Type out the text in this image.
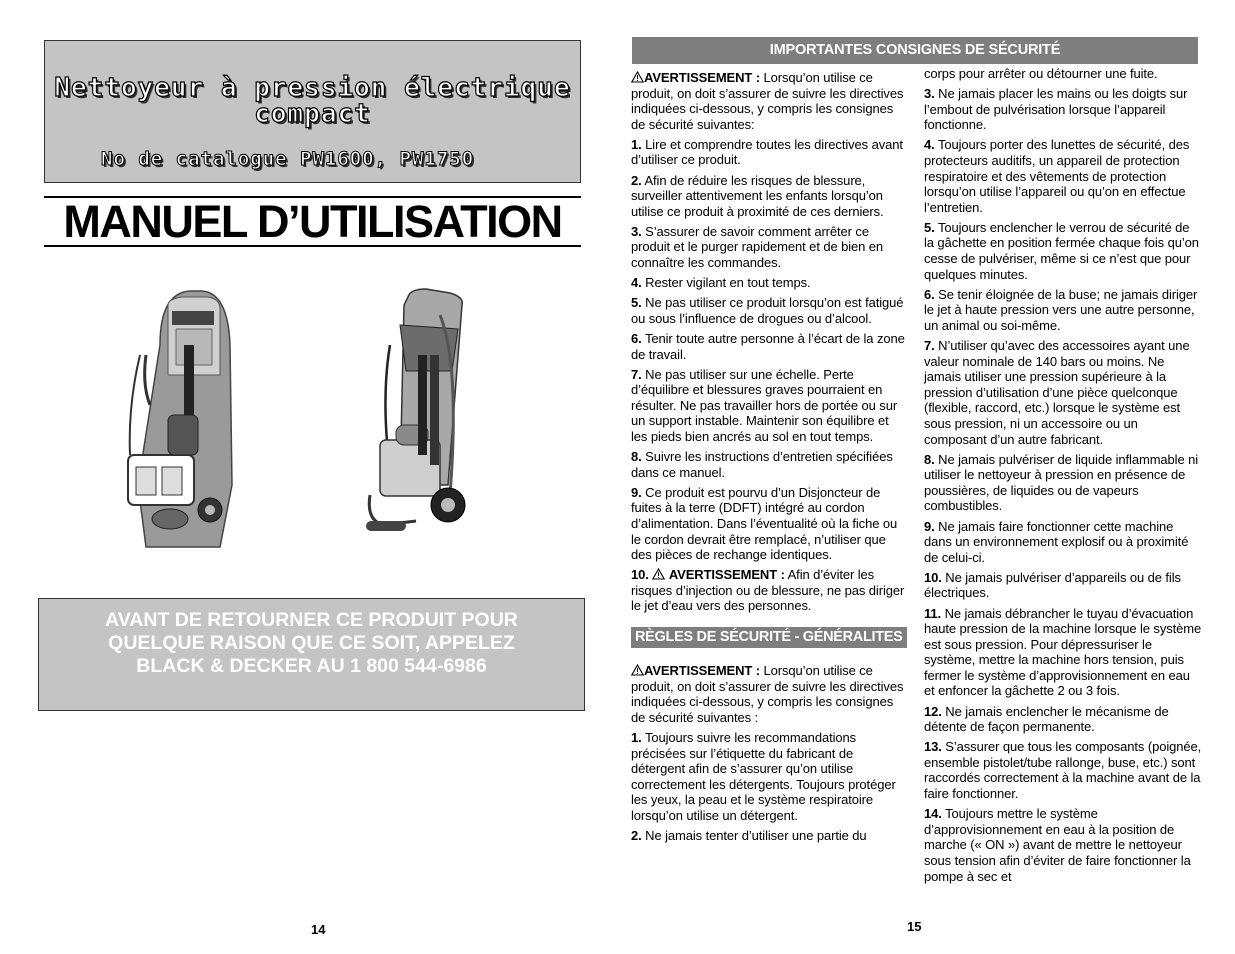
Nettoyeur à pression électrique
compact
No de catalogue PW1600, PW1750
MANUEL D’UTILISATION
AVANT DE RETOURNER CE PRODUIT POUR
QUELQUE RAISON QUE CE SOIT, APPELEZ
BLACK & DECKER AU 1 800 544-6986
14
IMPORTANTES CONSIGNES DE SÉCURITÉ

AVERTISSEMENT : Lorsqu’on utilise ce produit, on doit s’assurer de suivre les directives indiquées ci-dessous, y compris les consignes de sécurité suivantes:

1. Lire et comprendre toutes les directives avant d’utiliser ce produit.

2. Afin de réduire les risques de blessure, surveiller attentivement les enfants lorsqu’on utilise ce produit à proximité de ces derniers.

3. S’assurer de savoir comment arrêter ce produit et le purger rapidement et de bien en connaître les commandes.

4. Rester vigilant en tout temps.

5. Ne pas utiliser ce produit lorsqu’on est fatigué ou sous l’influence de drogues ou d’alcool.

6. Tenir toute autre personne à l’écart de la zone de travail.

7. Ne pas utiliser sur une échelle. Perte d’équilibre et blessures graves pourraient en résulter. Ne pas travailler hors de portée ou sur un support instable. Maintenir son équilibre et les pieds bien ancrés au sol en tout temps.

8. Suivre les instructions d’entretien spécifiées dans ce manuel.

9. Ce produit est pourvu d’un Disjoncteur de fuites à la terre (DDFT) intégré au cordon d’alimentation. Dans l’éventualité où la fiche ou le cordon devrait être remplacé, n’utiliser que des pièces de rechange identiques.

10. AVERTISSEMENT : Afin d’éviter les risques d’injection ou de blessure, ne pas diriger le jet d’eau vers des personnes.

RÈGLES DE SÉCURITÉ - GÉNÉRALITES

AVERTISSEMENT : Lorsqu’on utilise ce produit, on doit s’assurer de suivre les directives indiquées ci-dessous, y compris les consignes de sécurité suivantes :

1. Toujours suivre les recommandations précisées sur l’étiquette du fabricant de détergent afin de s’assurer qu’on utilise correctement les détergents. Toujours protéger les yeux, la peau et le système respiratoire lorsqu’on utilise un détergent.

2. Ne jamais tenter d’utiliser une partie du

corps pour arrêter ou détourner une fuite.

3. Ne jamais placer les mains ou les doigts sur l’embout de pulvérisation lorsque l’appareil fonctionne.

4. Toujours porter des lunettes de sécurité, des protecteurs auditifs, un appareil de protection respiratoire et des vêtements de protection lorsqu’on utilise l’appareil ou qu’on en effectue l’entretien.

5. Toujours enclencher le verrou de sécurité de la gâchette en position fermée chaque fois qu’on cesse de pulvériser, même si ce n’est que pour quelques minutes.

6. Se tenir éloignée de la buse; ne jamais diriger le jet à haute pression vers une autre personne, un animal ou soi-même.

7. N’utiliser qu’avec des accessoires ayant une valeur nominale de 140 bars ou moins. Ne jamais utiliser une pression supérieure à la pression d’utilisation d’une pièce quelconque (flexible, raccord, etc.) lorsque le système est sous pression, ni un accessoire ou un composant d’un autre fabricant.

8. Ne jamais pulvériser de liquide inflammable ni utiliser le nettoyeur à pression en présence de poussières, de liquides ou de vapeurs combustibles.

9. Ne jamais faire fonctionner cette machine dans un environnement explosif ou à proximité de celui-ci.

10. Ne jamais pulvériser d’appareils ou de fils électriques.

11. Ne jamais débrancher le tuyau d’évacuation haute pression de la machine lorsque le système est sous pression. Pour dépressuriser le système, mettre la machine hors tension, puis fermer le système d’approvisionnement en eau et enfoncer la gâchette 2 ou 3 fois.

12. Ne jamais enclencher le mécanisme de détente de façon permanente.

13. S’assurer que tous les composants (poignée, ensemble pistolet/tube rallonge, buse, etc.) sont raccordés correctement à la machine avant de la faire fonctionner.

14. Toujours mettre le système d’approvisionnement en eau à la position de marche (« ON ») avant de mettre le nettoyeur sous tension afin d’éviter de faire fonctionner la pompe à sec et

15
